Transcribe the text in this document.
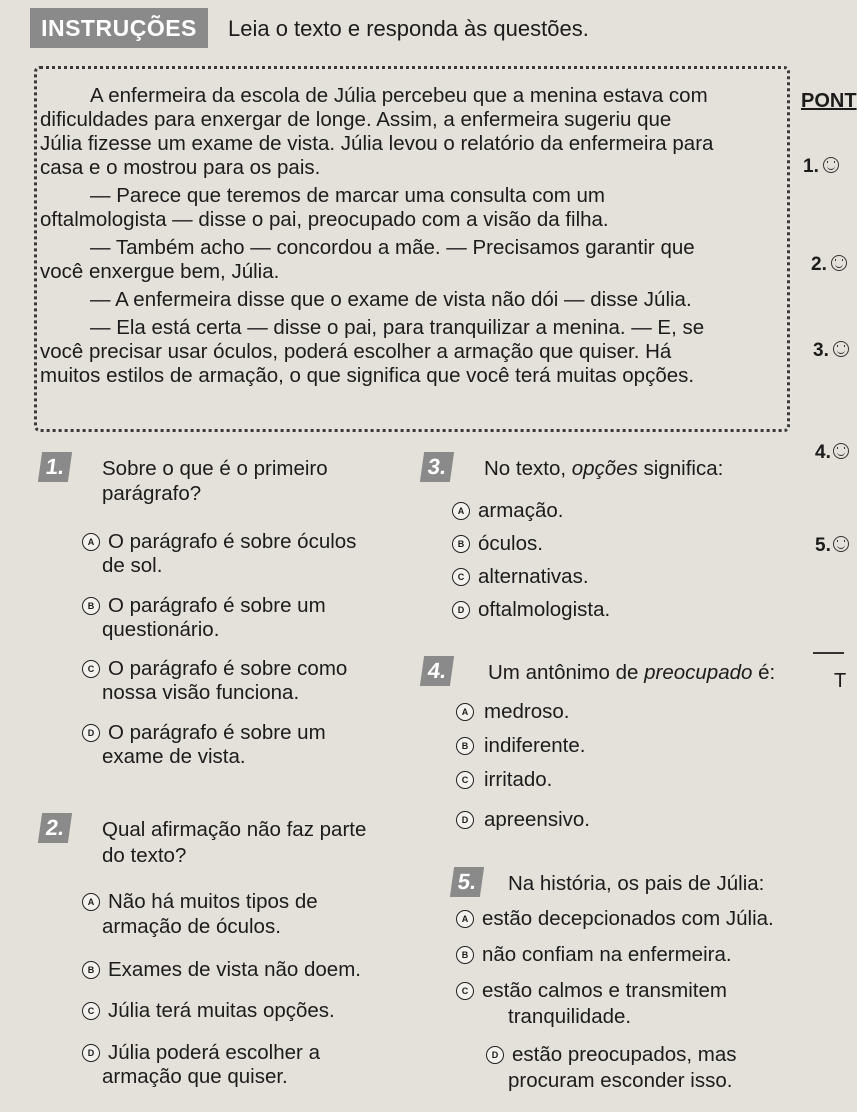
INSTRUÇÕES	Leia o texto e responda às questões.

A enfermeira da escola de Júlia percebeu que a menina estava com

dificuldades para enxergar de longe. Assim, a enfermeira sugeriu que

Júlia fizesse um exame de vista. Júlia levou o relatório da enfermeira para

casa e o mostrou para os pais.

— Parece que teremos de marcar uma consulta com um

oftalmologista — disse o pai, preocupado com a visão da filha.

— Também acho — concordou a mãe. — Precisamos garantir que

você enxergue bem, Júlia.

— A enfermeira disse que o exame de vista não dói — disse Júlia.

— Ela está certa — disse o pai, para tranquilizar a menina. — E, se

você precisar usar óculos, poderá escolher a armação que quiser. Há

muitos estilos de armação, o que significa que você terá muitas opções.

PONT
1.
2.
3.
4.
5.
T
1. Sobre o que é o primeiro
parágrafo?
A O parágrafo é sobre óculos
de sol.
B O parágrafo é sobre um
questionário.
C O parágrafo é sobre como
nossa visão funciona.
D O parágrafo é sobre um
exame de vista.
2. Qual afirmação não faz parte
do texto?
A Não há muitos tipos de
armação de óculos.
B Exames de vista não doem.
C Júlia terá muitas opções.
D Júlia poderá escolher a
armação que quiser.
3. No texto, opções significa:
A armação.
B óculos.
C alternativas.
D oftalmologista.
4. Um antônimo de preocupado é:
A medroso.
B indiferente.
C irritado.
D apreensivo.
5. Na história, os pais de Júlia:
A estão decepcionados com Júlia.
B não confiam na enfermeira.
C estão calmos e transmitem
tranquilidade.
D estão preocupados, mas
procuram esconder isso.
